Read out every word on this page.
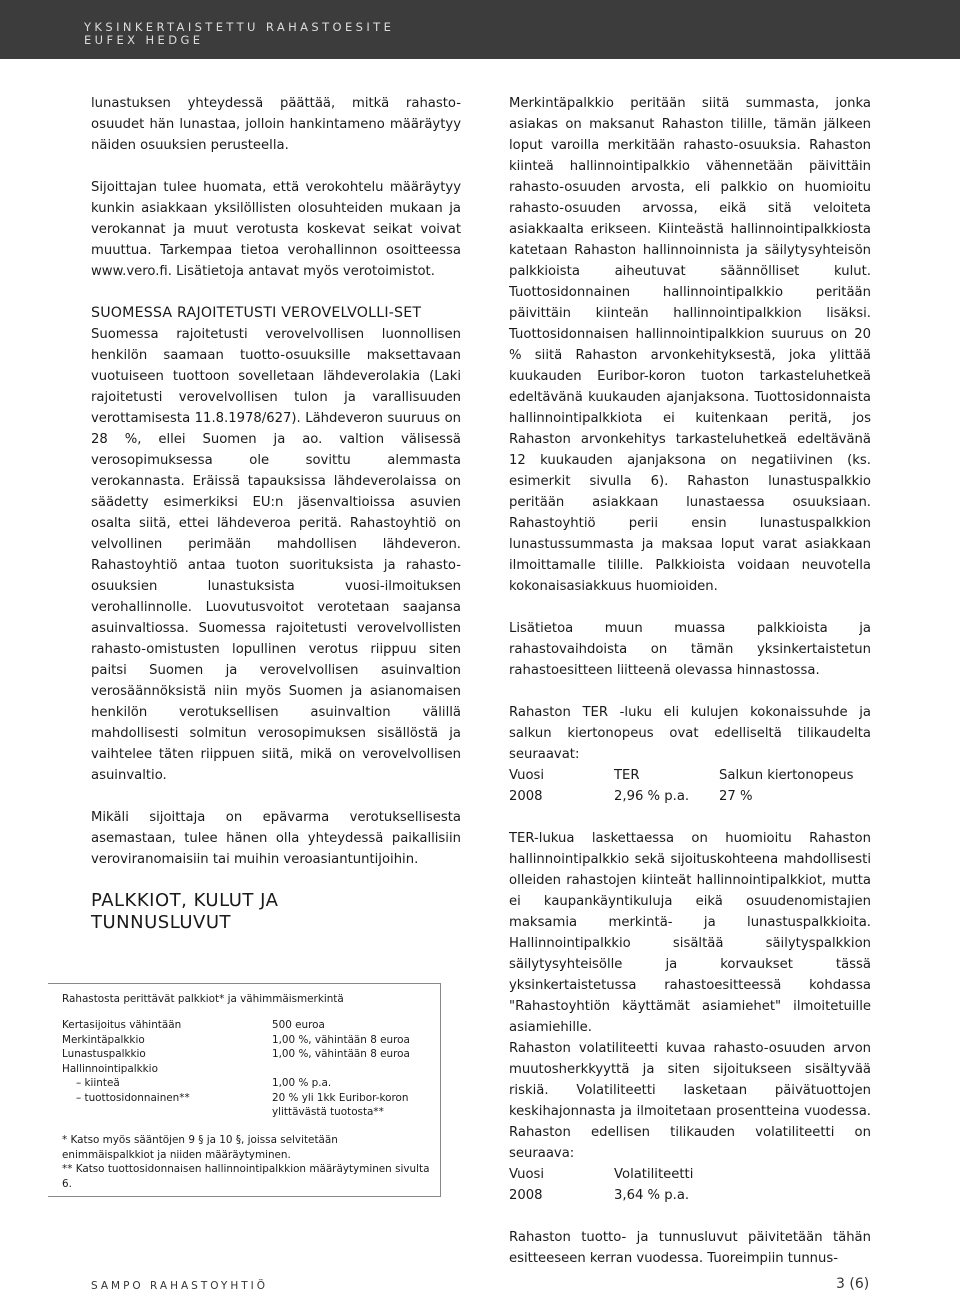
YKSINKERTAISTETTU RAHASTOESITE
EUFEX HEDGE

lunastuksen yhteydessä päättää, mitkä rahasto-osuudet hän lunastaa, jolloin hankintameno määräytyy näiden osuuksien perusteella.

Sijoittajan tulee huomata, että verokohtelu määräytyy kunkin asiakkaan yksilöllisten olosuhteiden mukaan ja verokannat ja muut verotusta koskevat seikat voivat muuttua. Tarkempaa tietoa verohallinnon osoitteessa www.vero.fi. Lisätietoja antavat myös verotoimistot.

SUOMESSA RAJOITETUSTI VEROVELVOLLI-SET

Suomessa rajoitetusti verovelvollisen luonnollisen henkilön saamaan tuotto-osuuksille maksettavaan vuotuiseen tuottoon sovelletaan lähdeverolakia (Laki rajoitetusti verovelvollisen tulon ja varallisuuden verottamisesta 11.8.1978/627). Lähdeveron suuruus on 28 %, ellei Suomen ja ao. valtion välisessä verosopimuksessa ole sovittu alemmasta verokannasta. Eräissä tapauksissa lähdeverolaissa on säädetty esimerkiksi EU:n jäsenvaltioissa asuvien osalta siitä, ettei lähdeveroa peritä. Rahastoyhtiö on velvollinen perimään mahdollisen lähdeveron. Rahastoyhtiö antaa tuoton suorituksista ja rahasto-osuuksien lunastuksista vuosi-ilmoituksen verohallinnolle. Luovutusvoitot verotetaan saajansa asuinvaltiossa. Suomessa rajoitetusti verovelvollisten rahasto-omistusten lopullinen verotus riippuu siten paitsi Suomen ja verovelvollisen asuinvaltion verosäännöksistä niin myös Suomen ja asianomaisen henkilön verotuksellisen asuinvaltion välillä mahdollisesti solmitun verosopimuksen sisällöstä ja vaihtelee täten riippuen siitä, mikä on verovelvollisen asuinvaltio.

Mikäli sijoittaja on epävarma verotuksellisesta asemastaan, tulee hänen olla yhteydessä paikallisiin veroviranomaisiin tai muihin veroasiantuntijoihin.

PALKKIOT, KULUT JA

TUNNUSLUVUT

Rahastosta perittävät palkkiot* ja vähimmäismerkintä
Kertasijoitus vähintään	500 euroa
Merkintäpalkkio	1,00 %, vähintään 8 euroa
Lunastuspalkkio	1,00 %, vähintään 8 euroa
Hallinnointipalkkio	
– kiinteä	1,00 % p.a.
– tuottosidonnainen**	20 % yli 1kk Euribor-koron
	ylittävästä tuotosta**
* Katso myös sääntöjen 9 § ja 10 §, joissa selvitetään enimmäispalkkiot ja niiden määräytyminen.
** Katso tuottosidonnaisen hallinnointipalkkion määräytyminen sivulta 6.

Merkintäpalkkio peritään siitä summasta, jonka asiakas on maksanut Rahaston tilille, tämän jälkeen loput varoilla merkitään rahasto-osuuksia. Rahaston kiinteä hallinnointipalkkio vähennetään päivittäin rahasto-osuuden arvosta, eli palkkio on huomioitu rahasto-osuuden arvossa, eikä sitä veloiteta asiakkaalta erikseen. Kiinteästä hallinnointipalkkiosta katetaan Rahaston hallinnoinnista ja säilytysyhteisön palkkioista aiheutuvat säännölliset kulut. Tuottosidonnainen hallinnointipalkkio peritään päivittäin kiinteän hallinnointipalkkion lisäksi. Tuottosidonnaisen hallinnointipalkkion suuruus on 20 % siitä Rahaston arvonkehityksestä, joka ylittää kuukauden Euribor-koron tuoton tarkasteluhetkeä edeltävänä kuukauden ajanjaksona. Tuottosidonnaista hallinnointipalkkiota ei kuitenkaan peritä, jos Rahaston arvonkehitys tarkasteluhetkeä edeltävänä 12 kuukauden ajanjaksona on negatiivinen (ks. esimerkit sivulla 6). Rahaston lunastuspalkkio peritään asiakkaan lunastaessa osuuksiaan. Rahastoyhtiö perii ensin lunastuspalkkion lunastussummasta ja maksaa loput varat asiakkaan ilmoittamalle tilille. Palkkioista voidaan neuvotella kokonaisasiakkuus huomioiden.

Lisätietoa muun muassa palkkioista ja rahastovaihdoista on tämän yksinkertaistetun rahastoesitteen liitteenä olevassa hinnastossa.

Rahaston TER -luku eli kulujen kokonaissuhde ja salkun kiertonopeus ovat edelliseltä tilikaudelta seuraavat:

Vuosi	TER	Salkun kiertonopeus
2008	2,96 % p.a.	27 %

TER-lukua laskettaessa on huomioitu Rahaston hallinnointipalkkio sekä sijoituskohteena mahdollisesti olleiden rahastojen kiinteät hallinnointipalkkiot, mutta ei kaupankäyntikuluja eikä osuudenomistajien maksamia merkintä- ja lunastuspalkkioita. Hallinnointipalkkio sisältää säilytyspalkkion säilytysyhteisölle ja korvaukset tässä yksinkertaistetussa rahastoesitteessä kohdassa "Rahastoyhtiön käyttämät asiamiehet" ilmoitetuille asiamiehille.

Rahaston volatiliteetti kuvaa rahasto-osuuden arvon muutosherkkyyttä ja siten sijoitukseen sisältyvää riskiä. Volatiliteetti lasketaan päivätuottojen keskihajonnasta ja ilmoitetaan prosentteina vuodessa. Rahaston edellisen tilikauden volatiliteetti on seuraava:

Vuosi	Volatiliteetti
2008	3,64 % p.a.

Rahaston tuotto- ja tunnusluvut päivitetään tähän esitteeseen kerran vuodessa. Tuoreimpiin tunnus-

SAMPO RAHASTOYHTIÖ	3 (6)
